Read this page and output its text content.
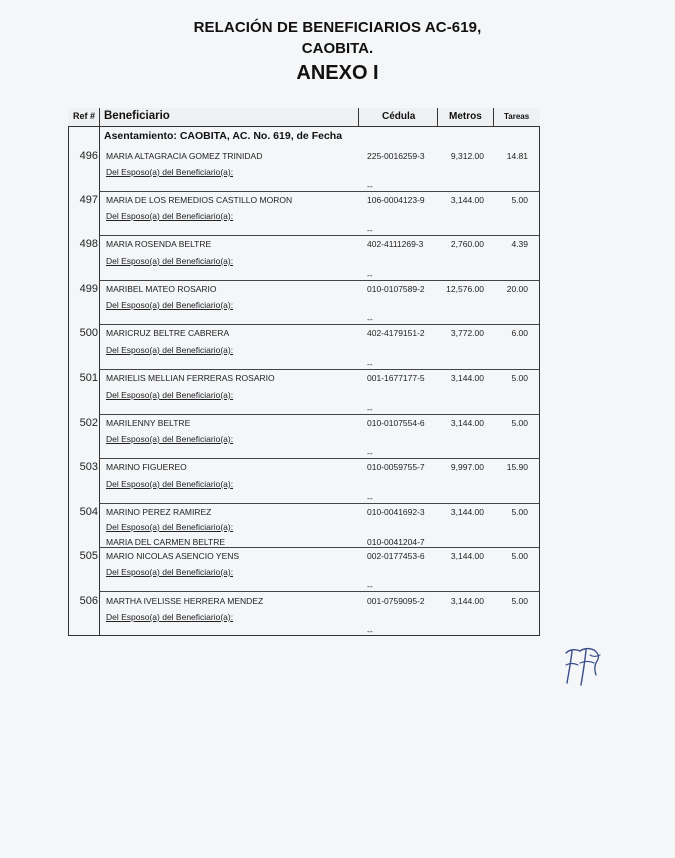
RELACIÓN DE BENEFICIARIOS AC-619,
CAOBITA.
ANEXO I
Ref # Beneficiario	Cédula	Metros	Tareas
Asentamiento: CAOBITA, AC. No. 619, de Fecha
496 MARIA ALTAGRACIA GOMEZ TRINIDAD	225-0016259-3	9,312.00	14.81
Del Esposo(a) del Beneficiario(a):
--
497 MARIA DE LOS REMEDIOS CASTILLO MORON	106-0004123-9	3,144.00	5.00
Del Esposo(a) del Beneficiario(a):
--
498 MARIA ROSENDA BELTRE	402-4111269-3	2,760.00	4.39
Del Esposo(a) del Beneficiario(a):
--
499 MARIBEL MATEO ROSARIO	010-0107589-2	12,576.00	20.00
Del Esposo(a) del Beneficiario(a):
--
500 MARICRUZ BELTRE CABRERA	402-4179151-2	3,772.00	6.00
Del Esposo(a) del Beneficiario(a):
--
501 MARIELIS MELLIAN FERRERAS ROSARIO	001-1677177-5	3,144.00	5.00
Del Esposo(a) del Beneficiario(a):
--
502 MARILENNY BELTRE	010-0107554-6	3,144.00	5.00
Del Esposo(a) del Beneficiario(a):
--
503 MARINO FIGUEREO	010-0059755-7	9,997.00	15.90
Del Esposo(a) del Beneficiario(a):
--
504 MARINO PEREZ RAMIREZ	010-0041692-3	3,144.00	5.00
Del Esposo(a) del Beneficiario(a):
MARIA DEL CARMEN BELTRE	010-0041204-7
505 MARIO NICOLAS ASENCIO YENS	002-0177453-6	3,144.00	5.00
Del Esposo(a) del Beneficiario(a):
--
506 MARTHA IVELISSE HERRERA MENDEZ	001-0759095-2	3,144.00	5.00
Del Esposo(a) del Beneficiario(a):
--
